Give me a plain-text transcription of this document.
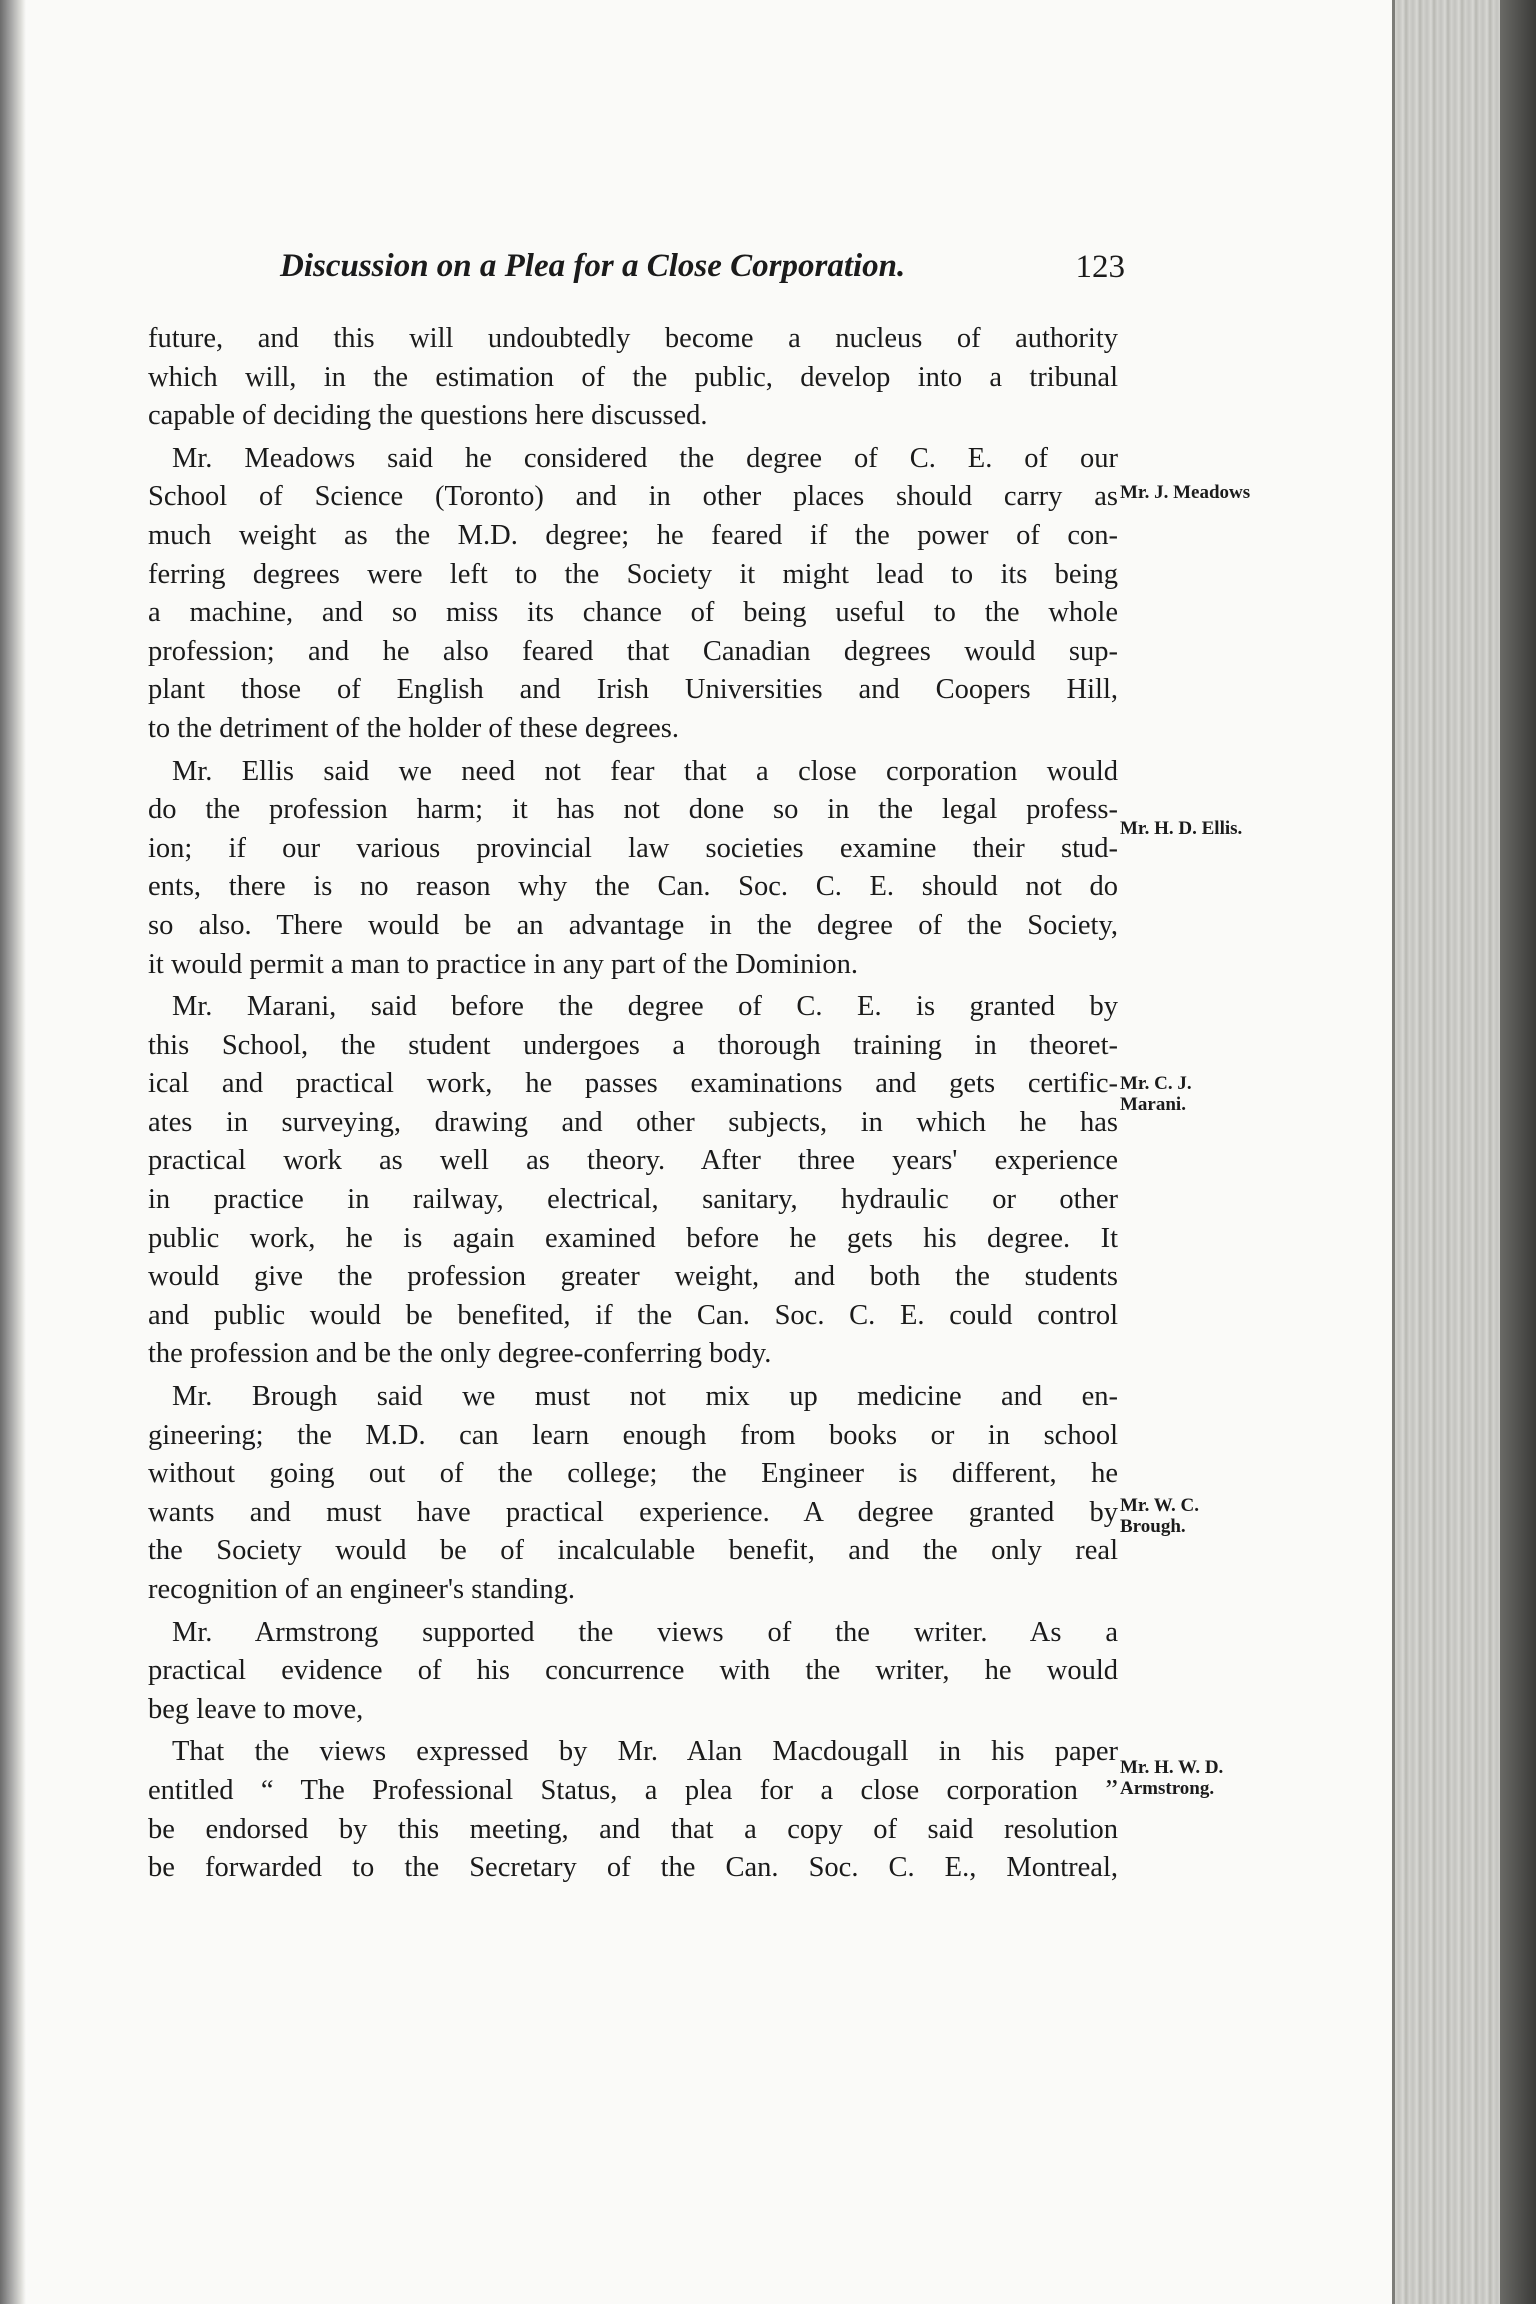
Discussion on a Plea for a Close Corporation.	123
future, and this will undoubtedly become a nucleus of authority
which will, in the estimation of the public, develop into a tribunal
capable of deciding the questions here discussed.
Mr. Meadows said he considered the degree of C. E. of our
School of Science (Toronto) and in other places should carry as
much weight as the M.D. degree; he feared if the power of con-
ferring degrees were left to the Society it might lead to its being
a machine, and so miss its chance of being useful to the whole
profession; and he also feared that Canadian degrees would sup-
plant those of English and Irish Universities and Coopers Hill,
to the detriment of the holder of these degrees.
Mr. Ellis said we need not fear that a close corporation would
do the profession harm; it has not done so in the legal profess-
ion; if our various provincial law societies examine their stud-
ents, there is no reason why the Can. Soc. C. E. should not do
so also. There would be an advantage in the degree of the Society,
it would permit a man to practice in any part of the Dominion.
Mr. Marani, said before the degree of C. E. is granted by
this School, the student undergoes a thorough training in theoret-
ical and practical work, he passes examinations and gets certific-
ates in surveying, drawing and other subjects, in which he has
practical work as well as theory. After three years' experience
in practice in railway, electrical, sanitary, hydraulic or other
public work, he is again examined before he gets his degree. It
would give the profession greater weight, and both the students
and public would be benefited, if the Can. Soc. C. E. could control
the profession and be the only degree-conferring body.
Mr. Brough said we must not mix up medicine and en-
gineering; the M.D. can learn enough from books or in school
without going out of the college; the Engineer is different, he
wants and must have practical experience. A degree granted by
the Society would be of incalculable benefit, and the only real
recognition of an engineer's standing.
Mr. Armstrong supported the views of the writer. As a
practical evidence of his concurrence with the writer, he would
beg leave to move,
That the views expressed by Mr. Alan Macdougall in his paper
entitled “ The Professional Status, a plea for a close corporation ”
be endorsed by this meeting, and that a copy of said resolution
be forwarded to the Secretary of the Can. Soc. C. E., Montreal,
Mr. J. Meadows
Mr. H. D. Ellis.
Mr. C. J.
Marani.
Mr. W. C.
Brough.
Mr. H. W. D.
Armstrong.
